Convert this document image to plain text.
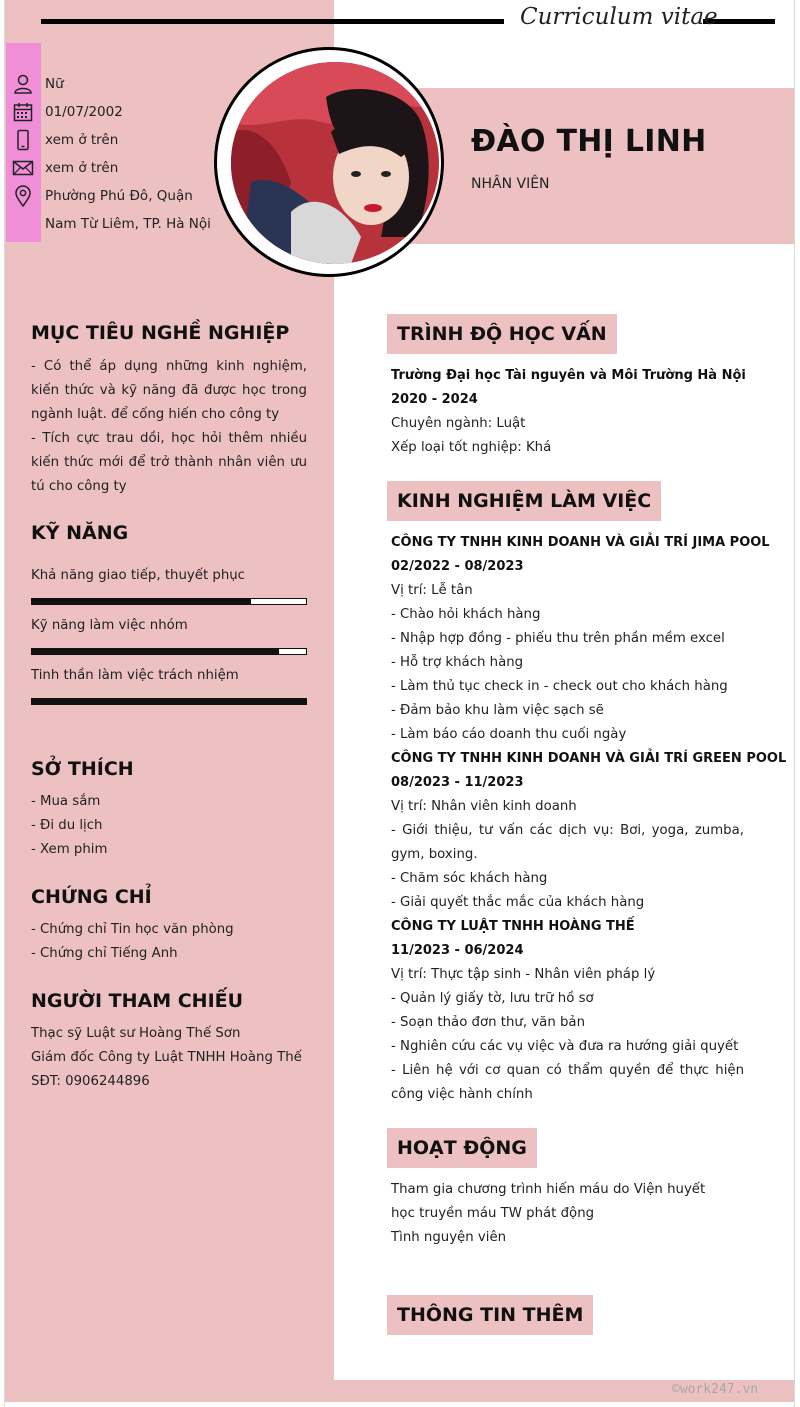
Curriculum vitae
Nữ
01/07/2002
xem ở trên
xem ở trên
Phường Phú Đô, Quận
Nam Từ Liêm, TP. Hà Nội
ĐÀO THỊ LINH
NHÂN VIÊN
MỤC TIÊU NGHỀ NGHIỆP
- Có thể áp dụng những kinh nghiệm, kiến thức và kỹ năng đã được học trong ngành luật. để cống hiến cho công ty
- Tích cực trau dồi, học hỏi thêm nhiều kiến thức mới để trở thành nhân viên ưu tú cho công ty
KỸ NĂNG
Khả năng giao tiếp, thuyết phục
Kỹ năng làm việc nhóm
Tinh thần làm việc trách nhiệm
SỞ THÍCH
- Mua sắm
- Đi du lịch
- Xem phim
CHỨNG CHỈ
- Chứng chỉ Tin học văn phòng
- Chứng chỉ Tiếng Anh
NGƯỜI THAM CHIẾU
Thạc sỹ Luật sư Hoàng Thế Sơn
Giám đốc Công ty Luật TNHH Hoàng Thế
SĐT: 0906244896
TRÌNH ĐỘ HỌC VẤN
Trường Đại học Tài nguyên và Môi Trường Hà Nội
2020 - 2024
Chuyên ngành: Luật
Xếp loại tốt nghiệp: Khá
KINH NGHIỆM LÀM VIỆC
CÔNG TY TNHH KINH DOANH VÀ GIẢI TRÍ JIMA POOL
02/2022 - 08/2023
Vị trí: Lễ tân
- Chào hỏi khách hàng
- Nhập hợp đồng - phiếu thu trên phần mềm excel
- Hỗ trợ khách hàng
- Làm thủ tục check in - check out cho khách hàng
- Đảm bảo khu làm việc sạch sẽ
- Làm báo cáo doanh thu cuối ngày
CÔNG TY TNHH KINH DOANH VÀ GIẢI TRÍ GREEN POOL
08/2023 - 11/2023
Vị trí: Nhân viên kinh doanh
- Giới thiệu, tư vấn các dịch vụ: Bơi, yoga, zumba, gym, boxing.
- Chăm sóc khách hàng
- Giải quyết thắc mắc của khách hàng
CÔNG TY LUẬT TNHH HOÀNG THẾ
11/2023 - 06/2024
Vị trí: Thực tập sinh - Nhân viên pháp lý
- Quản lý giấy tờ, lưu trữ hồ sơ
- Soạn thảo đơn thư, văn bản
- Nghiên cứu các vụ việc và đưa ra hướng giải quyết
- Liên hệ với cơ quan có thẩm quyền để thực hiện công việc hành chính
HOẠT ĐỘNG
Tham gia chương trình hiến máu do Viện huyết học truyền máu TW phát động
Tình nguyện viên
THÔNG TIN THÊM
©work247.vn
